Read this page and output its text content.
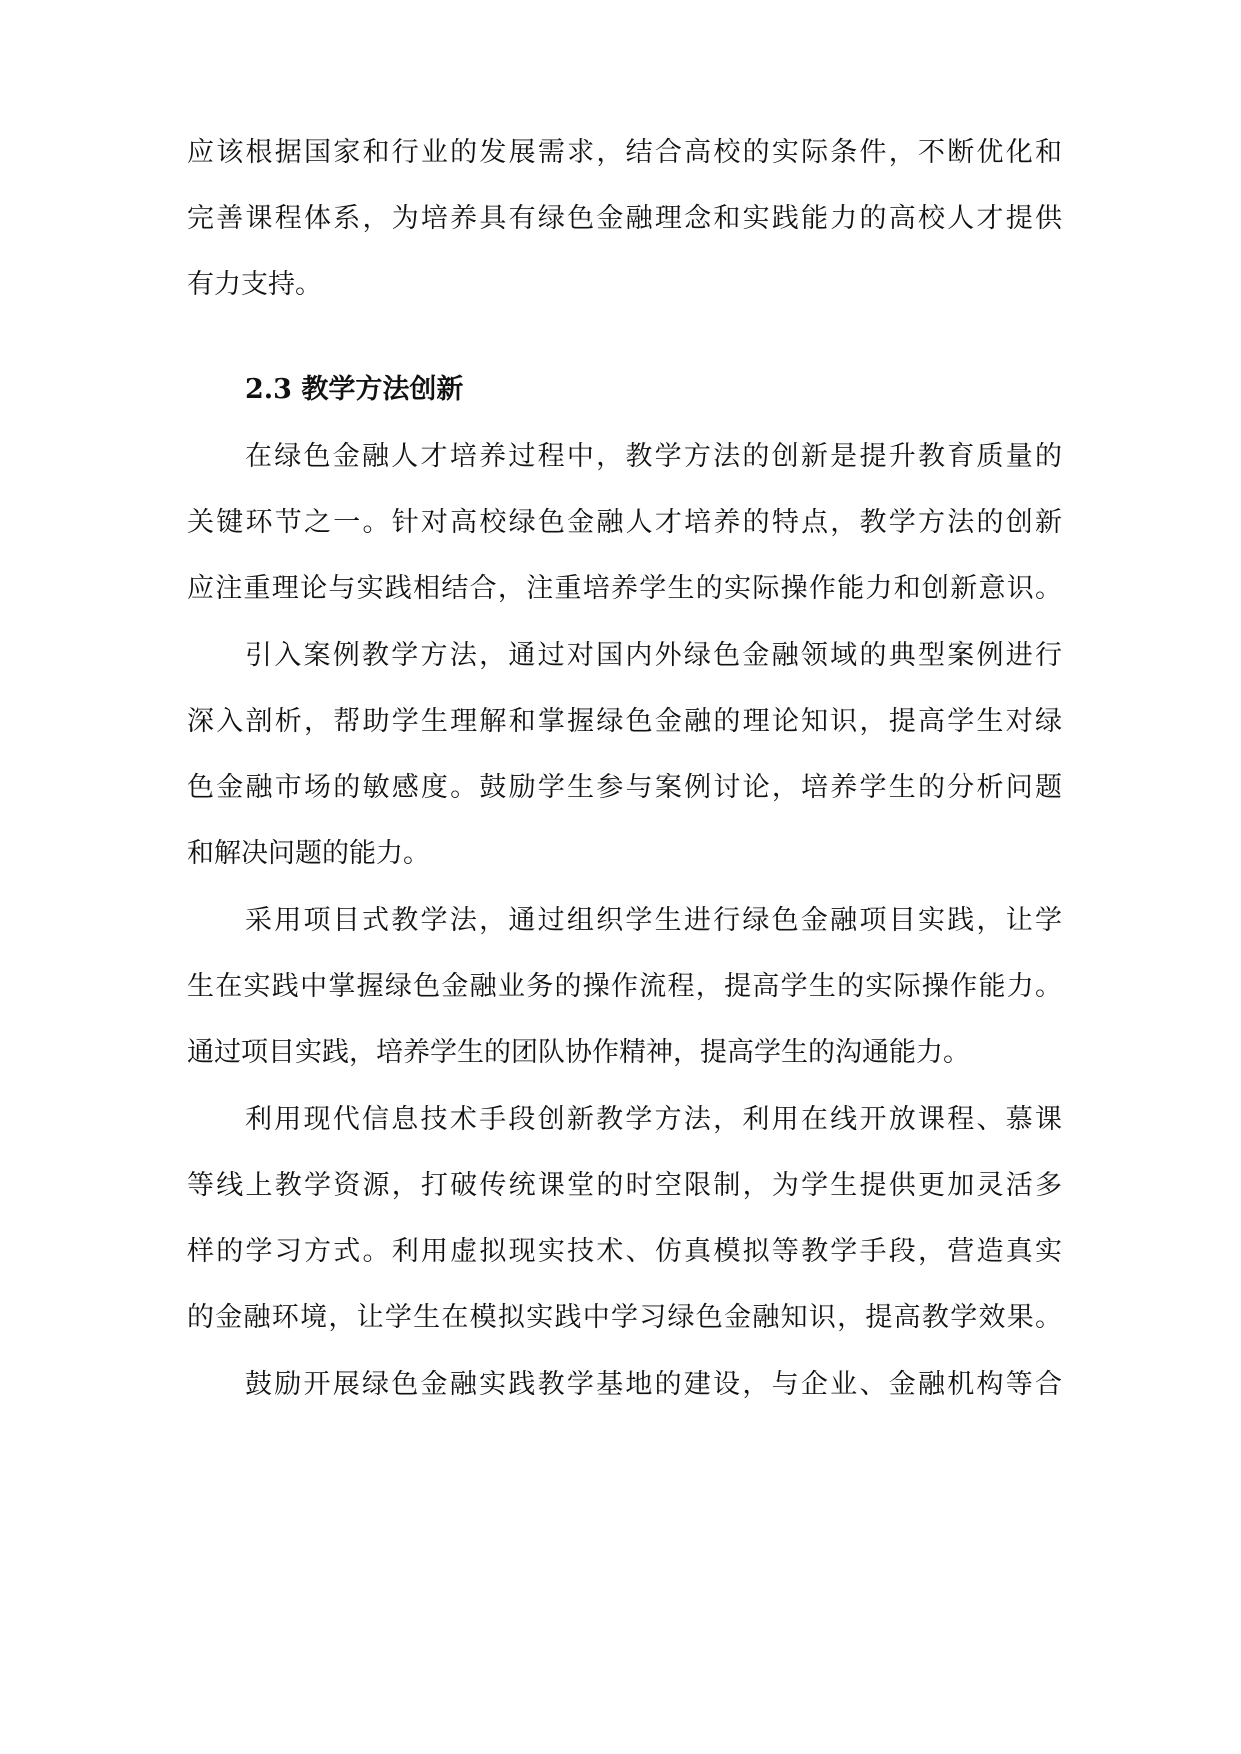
应该根据国家和行业的发展需求，结合高校的实际条件，不断优化和
完善课程体系，为培养具有绿色金融理念和实践能力的高校人才提供
有力支持。
2.3 教学方法创新
在绿色金融人才培养过程中，教学方法的创新是提升教育质量的
关键环节之一。针对高校绿色金融人才培养的特点，教学方法的创新
应注重理论与实践相结合，注重培养学生的实际操作能力和创新意识。
引入案例教学方法，通过对国内外绿色金融领域的典型案例进行
深入剖析，帮助学生理解和掌握绿色金融的理论知识，提高学生对绿
色金融市场的敏感度。鼓励学生参与案例讨论，培养学生的分析问题
和解决问题的能力。
采用项目式教学法，通过组织学生进行绿色金融项目实践，让学
生在实践中掌握绿色金融业务的操作流程，提高学生的实际操作能力。
通过项目实践，培养学生的团队协作精神，提高学生的沟通能力。
利用现代信息技术手段创新教学方法，利用在线开放课程、慕课
等线上教学资源，打破传统课堂的时空限制，为学生提供更加灵活多
样的学习方式。利用虚拟现实技术、仿真模拟等教学手段，营造真实
的金融环境，让学生在模拟实践中学习绿色金融知识，提高教学效果。
鼓励开展绿色金融实践教学基地的建设，与企业、金融机构等合
